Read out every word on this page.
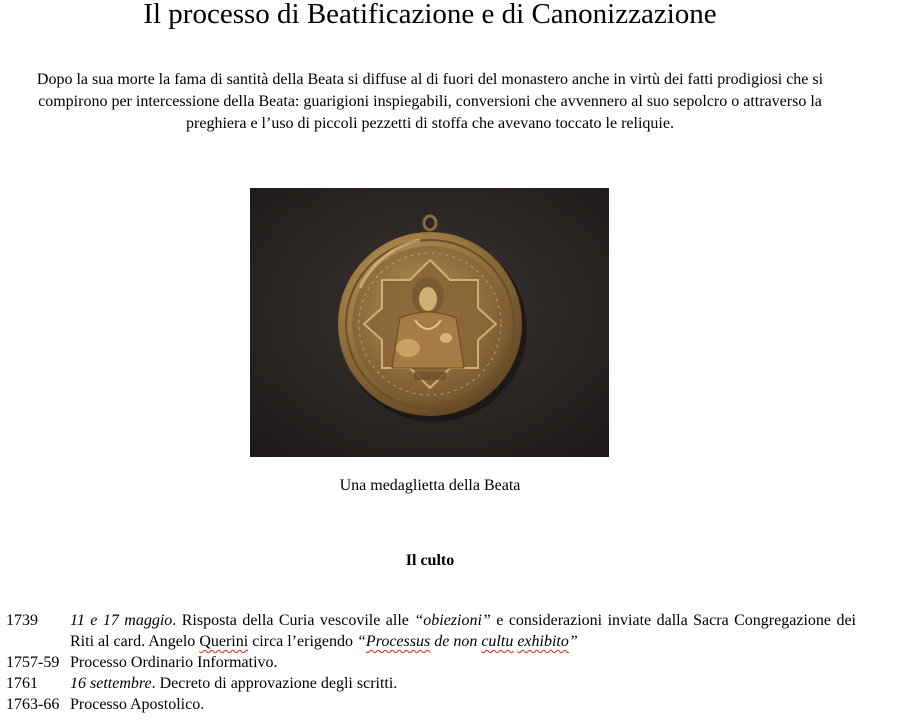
Il processo di Beatificazione e di Canonizzazione

Dopo la sua morte la fama di santità della Beata si diffuse al di fuori del monastero anche in virtù dei fatti prodigiosi che si compirono per intercessione della Beata: guarigioni inspiegabili, conversioni che avvennero al suo sepolcro o attraverso la preghiera e l’uso di piccoli pezzetti di stoffa che avevano toccato le reliquie.

Una medaglietta della Beata

Il culto

1739	11 e 17 maggio. Risposta della Curia vescovile alle “obiezioni” e considerazioni inviate dalla Sacra Congregazione dei Riti al card. Angelo Querini circa l’erigendo “Processus de non cultu exhibito”
1757-59 Processo Ordinario Informativo.
1761	16 settembre. Decreto di approvazione degli scritti.
1763-66 Processo Apostolico.
